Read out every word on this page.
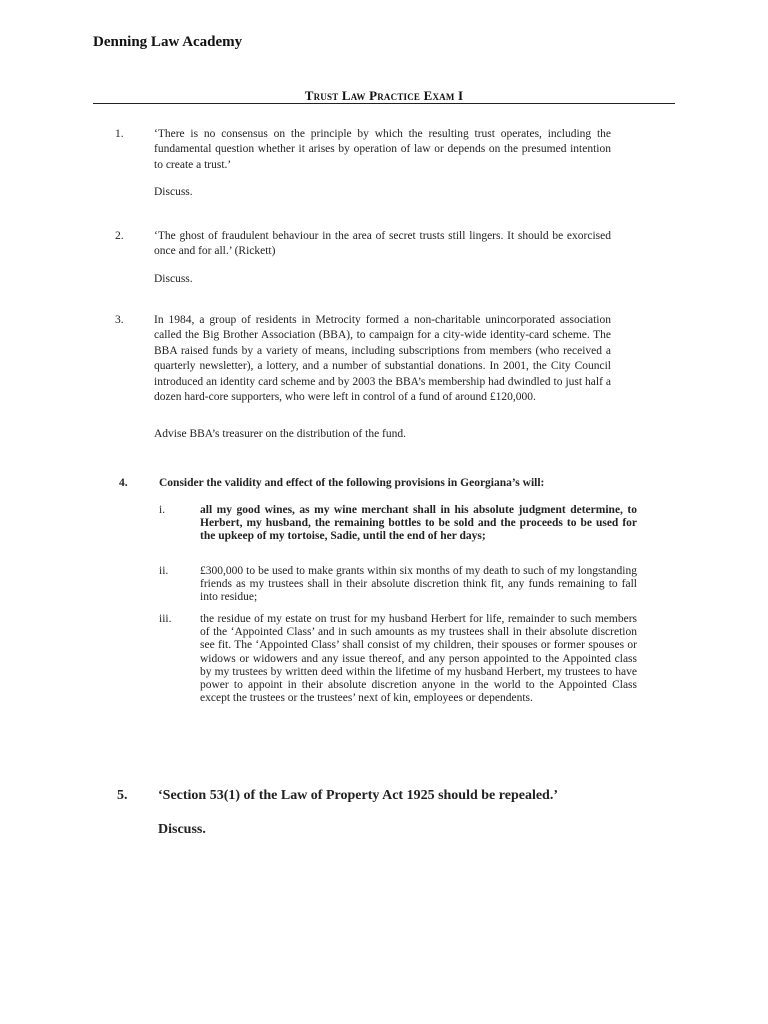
Denning Law Academy
Trust Law Practice Exam I
1.	‘There is no consensus on the principle by which the resulting trust operates, including the fundamental question whether it arises by operation of law or depends on the presumed intention to create a trust.’
Discuss.
2.	‘The ghost of fraudulent behaviour in the area of secret trusts still lingers. It should be exorcised once and for all.’ (Rickett)
Discuss.
3.	In 1984, a group of residents in Metrocity formed a non-charitable unincorporated association called the Big Brother Association (BBA), to campaign for a city-wide identity-card scheme. The BBA raised funds by a variety of means, including subscriptions from members (who received a quarterly newsletter), a lottery, and a number of substantial donations. In 2001, the City Council introduced an identity card scheme and by 2003 the BBA’s membership had dwindled to just half a dozen hard-core supporters, who were left in control of a fund of around £120,000.
Advise BBA’s treasurer on the distribution of the fund.
4.	Consider the validity and effect of the following provisions in Georgiana’s will:
i.	all my good wines, as my wine merchant shall in his absolute judgment determine, to Herbert, my husband, the remaining bottles to be sold and the proceeds to be used for the upkeep of my tortoise, Sadie, until the end of her days;
ii.	£300,000 to be used to make grants within six months of my death to such of my longstanding friends as my trustees shall in their absolute discretion think fit, any funds remaining to fall into residue;
iii. the residue of my estate on trust for my husband Herbert for life, remainder to such members of the ‘Appointed Class’ and in such amounts as my trustees shall in their absolute discretion see fit. The ‘Appointed Class’ shall consist of my children, their spouses or former spouses or widows or widowers and any issue thereof, and any person appointed to the Appointed class by my trustees by written deed within the lifetime of my husband Herbert, my trustees to have power to appoint in their absolute discretion anyone in the world to the Appointed Class except the trustees or the trustees’ next of kin, employees or dependents.
5. ‘Section 53(1) of the Law of Property Act 1925 should be repealed.’
Discuss.
